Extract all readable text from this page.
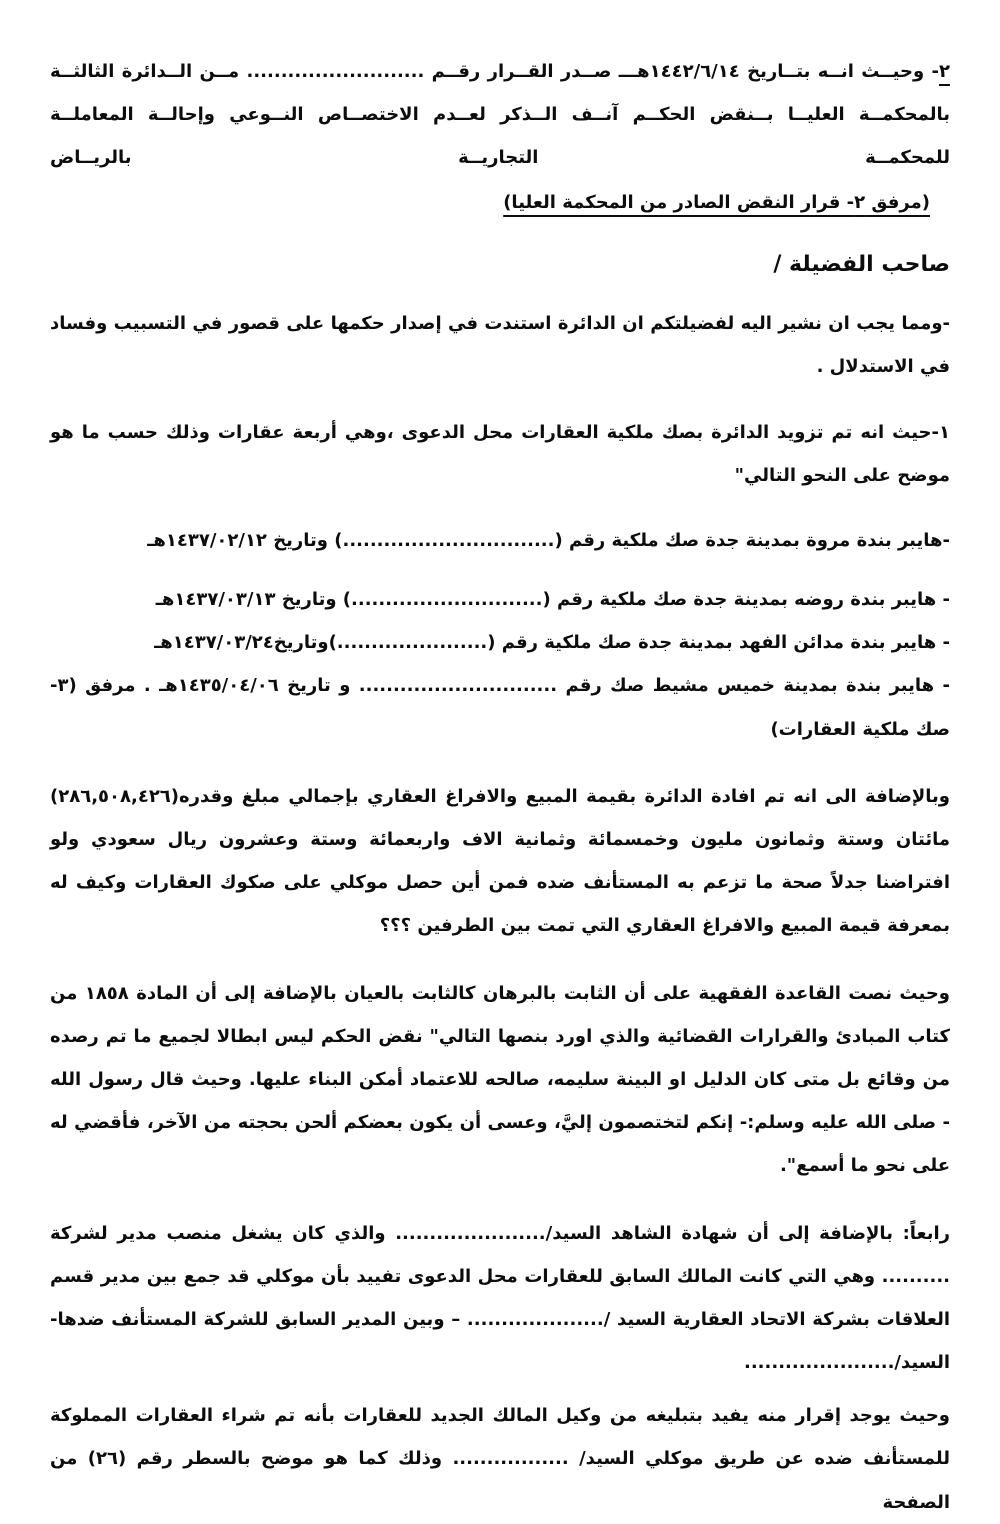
٢- وحيــث انــه بتــاريخ ١٤٤٢/٦/١٤هـــ صــدر القــرار رقــم .......................... مــن الــدائرة الثالثــة بالمحكمــة العليــا بــنقض الحكــم آنــف الــذكر لعــدم الاختصــاص النــوعي وإحالــة المعاملــة للمحكمــة التجاريــة بالريــاض

(مرفق ٢- قرار النقض الصادر من المحكمة العليا)

صاحب الفضيلة /

-ومما يجب ان نشير اليه لفضيلتكم ان الدائرة استندت في إصدار حكمها على قصور في التسبيب وفساد في الاستدلال .

١-حيث انه تم تزويد الدائرة بصك ملكية العقارات محل الدعوى ،وهي أربعة عقارات وذلك حسب ما هو موضح على النحو التالي"

-هايبر بندة مروة بمدينة جدة صك ملكية رقم (...............................) وتاريخ ١٤٣٧/٠٢/١٢هـ

- هايبر بندة روضه بمدينة جدة صك ملكية رقم (............................) وتاريخ ١٤٣٧/٠٣/١٣هـ

- هايبر بندة مدائن الفهد بمدينة جدة صك ملكية رقم (......................)وتاريخ١٤٣٧/٠٣/٢٤هـ

- هايبر بندة بمدينة خميس مشيط صك رقم ............................. و تاريخ ١٤٣٥/٠٤/٠٦هـ . مرفق (٣- صك ملكية العقارات)

وبالإضافة الى انه تم افادة الدائرة بقيمة المبيع والافراغ العقاري بإجمالي مبلغ وقدره(٢٨٦,٥٠٨,٤٢٦) مائتان وستة وثمانون مليون وخمسمائة وثمانية الاف واربعمائة وستة وعشرون ريال سعودي ولو افتراضنا جدلاً صحة ما تزعم به المستأنف ضده فمن أين حصل موكلي على صكوك العقارات وكيف له بمعرفة قيمة المبيع والافراغ العقاري التي تمت بين الطرفين ؟؟؟

وحيث نصت القاعدة الفقهية على أن الثابت بالبرهان كالثابت بالعيان بالإضافة إلى أن المادة ١٨٥٨ من كتاب المبادئ والقرارات القضائية والذي اورد بنصها التالي" نقض الحكم ليس ابطالا لجميع ما تم رصده من وقائع بل متى كان الدليل او البينة سليمه، صالحه للاعتماد أمكن البناء عليها. وحيث قال رسول الله - صلى الله عليه وسلم:- إنكم لتختصمون إليَّ، وعسى أن يكون بعضكم ألحن بحجته من الآخر، فأقضي له على نحو ما أسمع".

رابعاً: بالإضافة إلى أن شهادة الشاهد السيد/...................... والذي كان يشغل منصب مدير لشركة .......... وهي التي كانت المالك السابق للعقارات محل الدعوى تفييد بأن موكلي قد جمع بين مدير قسم العلاقات بشركة الاتحاد العقارية السيد /.................... – وبين المدير السابق للشركة المستأنف ضدها- السيد/......................

وحيث يوجد إقرار منه يفيد بتبليغه من وكيل المالك الجديد للعقارات بأنه تم شراء العقارات المملوكة للمستأنف ضده عن طريق موكلي السيد/ ................. وذلك كما هو موضح بالسطر رقم (٢٦) من الصفحة
